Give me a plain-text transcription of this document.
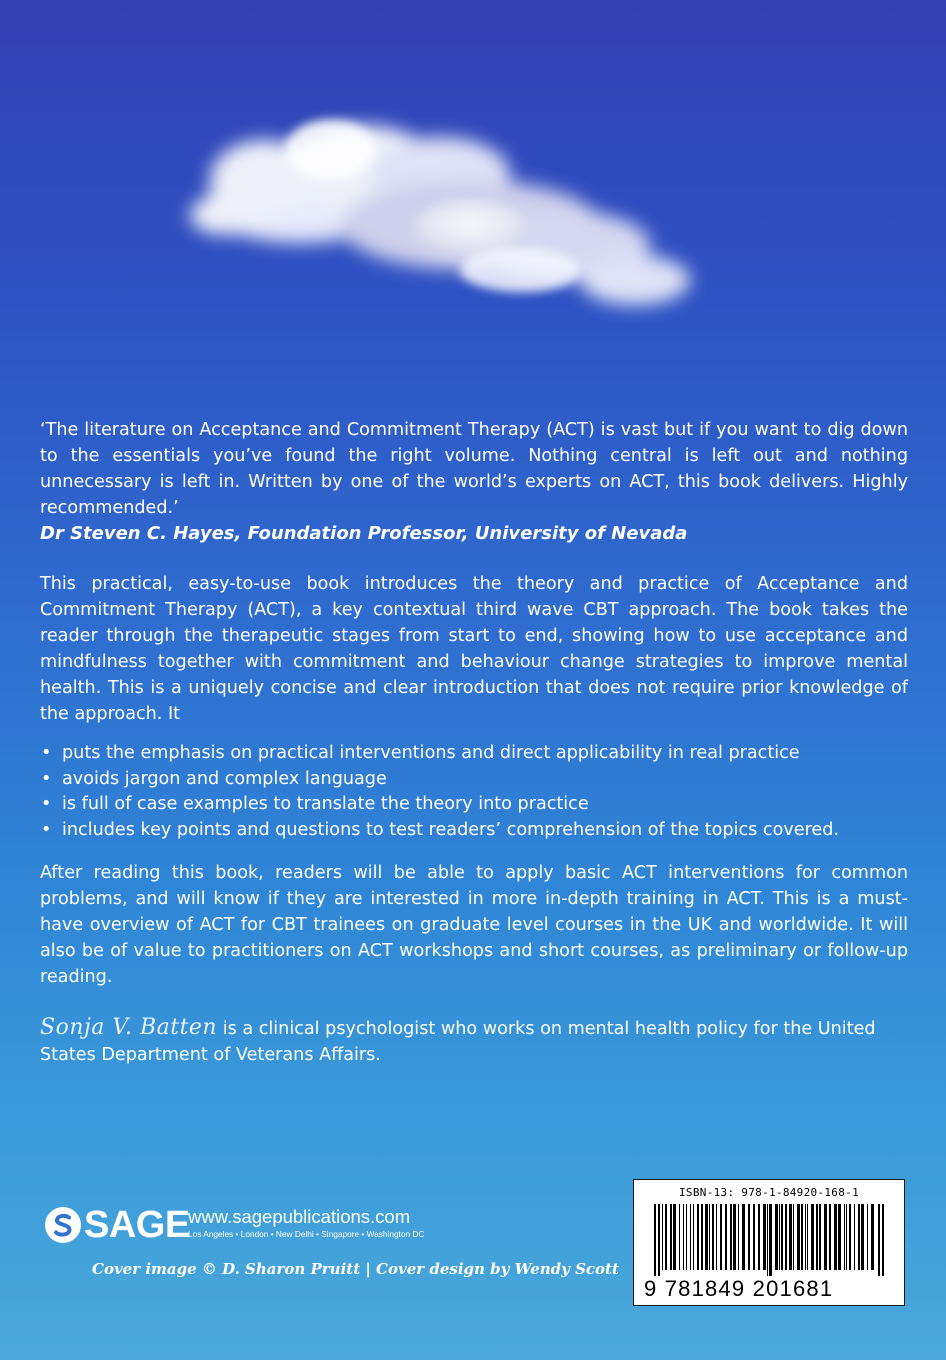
‘The literature on Acceptance and Commitment Therapy (ACT) is vast but if you want to dig down to the essentials you’ve found the right volume. Nothing central is left out and nothing unnecessary is left in. Written by one of the world’s experts on ACT, this book delivers. Highly recommended.’

Dr Steven C. Hayes, Foundation Professor, University of Nevada

This practical, easy-to-use book introduces the theory and practice of Acceptance and Commitment Therapy (ACT), a key contextual third wave CBT approach. The book takes the reader through the therapeutic stages from start to end, showing how to use acceptance and mindfulness together with commitment and behaviour change strategies to improve mental health. This is a uniquely concise and clear introduction that does not require prior knowledge of the approach. It

• puts the emphasis on practical interventions and direct applicability in real practice
• avoids jargon and complex language
• is full of case examples to translate the theory into practice
• includes key points and questions to test readers’ comprehension of the topics covered.

After reading this book, readers will be able to apply basic ACT interventions for common problems, and will know if they are interested in more in-depth training in ACT. This is a must-have overview of ACT for CBT trainees on graduate level courses in the UK and worldwide. It will also be of value to practitioners on ACT workshops and short courses, as preliminary or follow-up reading.

Sonja V. Batten is a clinical psychologist who works on mental health policy for the United States Department of Veterans Affairs.

SAGE
www.sagepublications.com
Los Angeles • London • New Delhi • Singapore • Washington DC
Cover image © D. Sharon Pruitt | Cover design by Wendy Scott
ISBN-13: 978-1-84920-168-1
9 781849 201681
